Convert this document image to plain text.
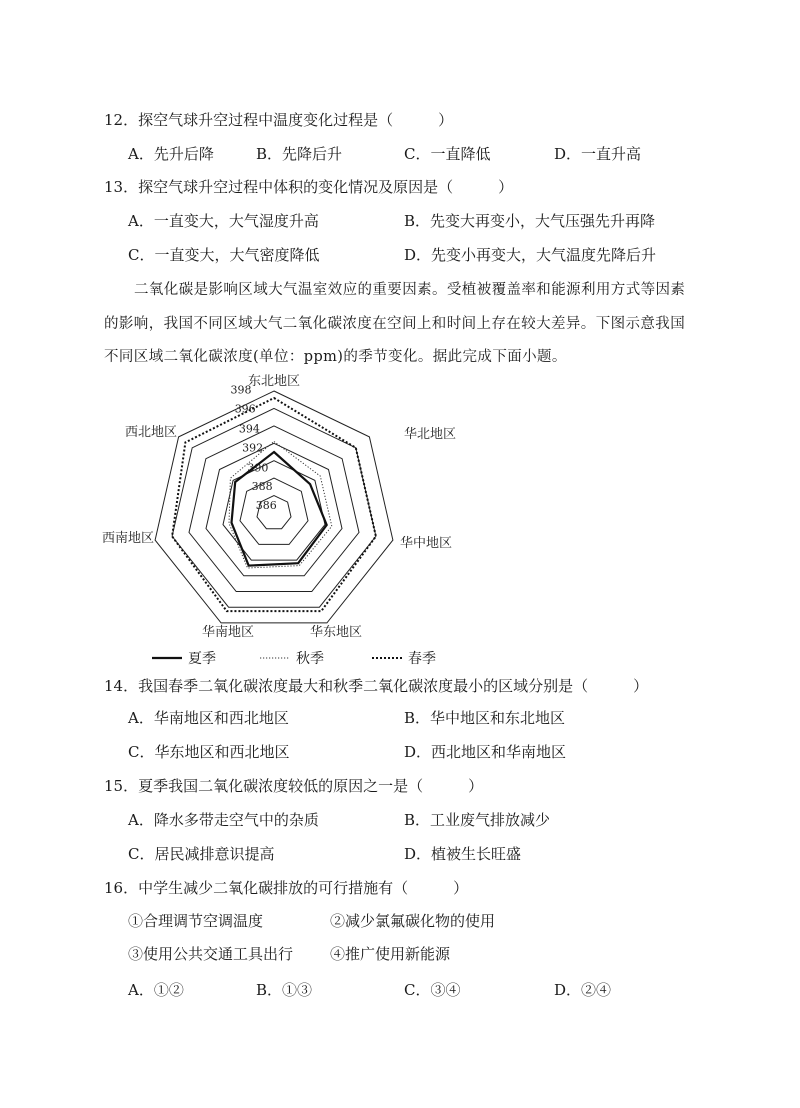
12．探空气球升空过程中温度变化过程是（　　　）
A．先升后降	B．先降后升	C．一直降低	D．一直升高
13．探空气球升空过程中体积的变化情况及原因是（　　　）
A．一直变大，大气湿度升高	B．先变大再变小，大气压强先升再降
C．一直变大，大气密度降低	D．先变小再变大，大气温度先降后升
二氧化碳是影响区域大气温室效应的重要因素。受植被覆盖率和能源利用方式等因素
的影响，我国不同区域大气二氧化碳浓度在空间上和时间上存在较大差异。下图示意我国
不同区域二氧化碳浓度(单位：ppm)的季节变化。据此完成下面小题。
386
388
390
392
394
396
398
东北地区
华北地区
华中地区
华东地区
华南地区
西南地区
西北地区
夏季	秋季	春季
14．我国春季二氧化碳浓度最大和秋季二氧化碳浓度最小的区域分别是（　　　）
A．华南地区和西北地区	B．华中地区和东北地区
C．华东地区和西北地区	D．西北地区和华南地区
15．夏季我国二氧化碳浓度较低的原因之一是（　　　）
A．降水多带走空气中的杂质	B．工业废气排放减少
C．居民减排意识提高	D．植被生长旺盛
16．中学生减少二氧化碳排放的可行措施有（　　　）
①合理调节空调温度	②减少氯氟碳化物的使用
③使用公共交通工具出行 ④推广使用新能源
A．①②	B．①③	C．③④	D．②④
